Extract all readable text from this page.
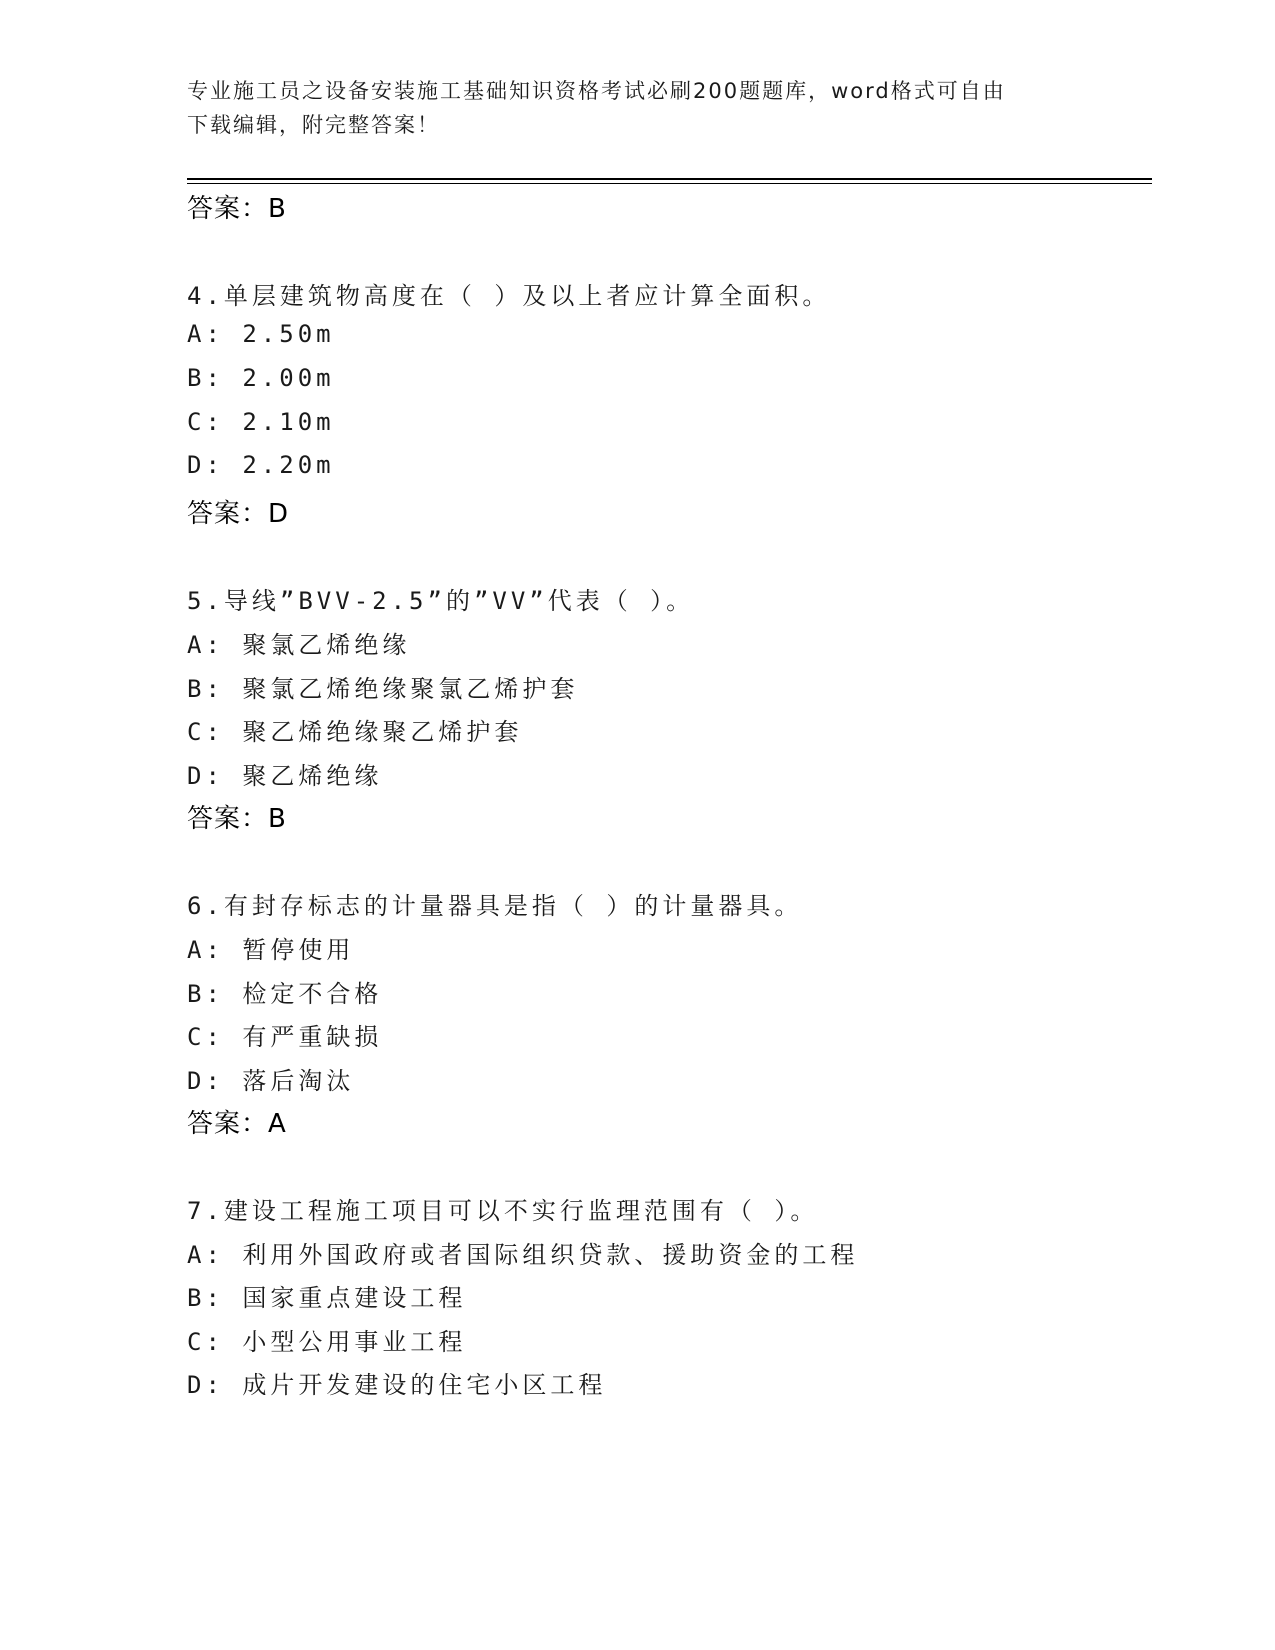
专业施工员之设备安装施工基础知识资格考试必刷200题题库，word格式可自由
下载编辑，附完整答案！
答案：B
4.单层建筑物高度在（ ）及以上者应计算全面积。
A: 2.50m
B: 2.00m
C: 2.10m
D: 2.20m
答案：D
5.导线”BVV-2.5”的”VV”代表（ ）。
A: 聚氯乙烯绝缘
B: 聚氯乙烯绝缘聚氯乙烯护套
C: 聚乙烯绝缘聚乙烯护套
D: 聚乙烯绝缘
答案：B
6.有封存标志的计量器具是指（ ）的计量器具。
A: 暂停使用
B: 检定不合格
C: 有严重缺损
D: 落后淘汰
答案：A
7.建设工程施工项目可以不实行监理范围有（ ）。
A: 利用外国政府或者国际组织贷款、援助资金的工程
B: 国家重点建设工程
C: 小型公用事业工程
D: 成片开发建设的住宅小区工程
